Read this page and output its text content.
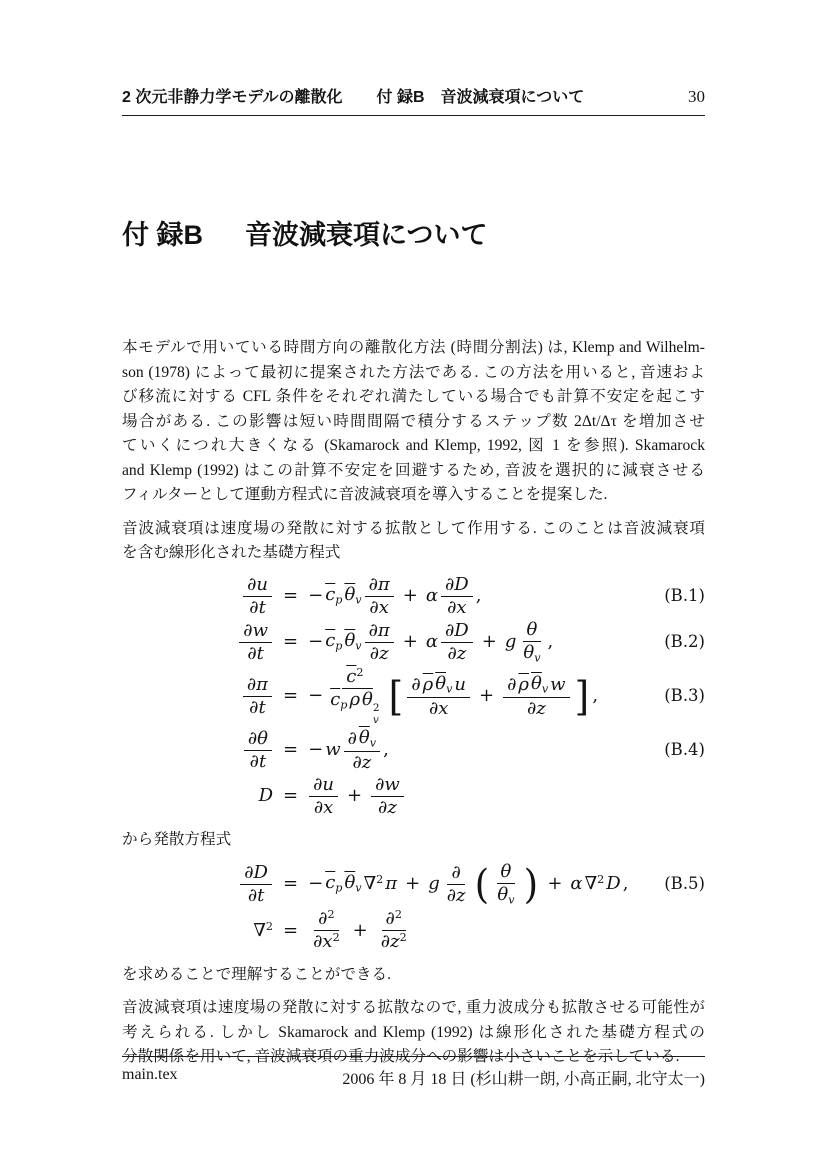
2 次元非静力学モデルの離散化 付 録B　音波減衰項について	30
付 録B 音波減衰項について

本モデルで用いている時間方向の離散化方法 (時間分割法) は, Klemp and Wilhelm-
son (1978) によって最初に提案された方法である. この方法を用いると, 音速およ
び移流に対する CFL 条件をそれぞれ満たしている場合でも計算不安定を起こす
場合がある. この影響は短い時間間隔で積分するステップ数 2Δt/Δτ を増加させ
ていくにつれ大きくなる (Skamarock and Klemp, 1992, 図 1 を参照). Skamarock
and Klemp (1992) はこの計算不安定を回避するため, 音波を選択的に減衰させる
フィルターとして運動方程式に音波減衰項を導入することを提案した.

音波減衰項は速度場の発散に対する拡散として作用する. このことは音波減衰項
を含む線形化された基礎方程式

$\frac{\partial u}{\partial t}$ = − $\overline{c}_p$ $\overline{\theta}_v \frac{\partial\pi}{\partial x} + \alpha \frac{\partial D}{\partial x}$ ,	(B.1)
$\frac{\partial w}{\partial t}$ = − $\overline{c}_p$ $\overline{\theta}_v \frac{\partial\pi}{\partial z} + \alpha \frac{\partial D}{\partial z} + g \frac{\theta}{\overline{\theta}_v}$ ,	(B.2)
$\frac{\partial\pi}{\partial t}$ = − $\overline{c}^2$
$\overline{c}_p$ $\overline{\rho}$ $\overline{\theta}$ 2
v [ $\frac{\partial \overline{\rho} \overline{\theta}_v u}{\partial x} + \frac{\partial \overline{\rho} \overline{\theta}_v w}{\partial z}$ ] ,	(B.3)
$\frac{\partial\theta}{\partial t}$ = − w $\frac{\partial \overline{\theta}_v}{\partial z}$ ,	(B.4)
$D = \frac{\partial u}{\partial x} + \frac{\partial w}{\partial z}$

から発散方程式

$\frac{\partial D}{\partial t}$ = − $\overline{c}_p$ $\overline{\theta}_v$ ∇$^2$ π + g $\frac{\partial}{\partial z}$ ( $\frac{\theta}{\overline{\theta}_v}$ ) + α ∇$^2$ D , (B.5)
$\nabla^2 = \frac{\partial^2}{\partial x^2} + \frac{\partial^2}{\partial z^2}$

を求めることで理解することができる.

音波減衰項は速度場の発散に対する拡散なので, 重力波成分も拡散させる可能性が
考えられる. しかし Skamarock and Klemp (1992) は線形化された基礎方程式の
分散関係を用いて, 音波減衰項の重力波成分への影響は小さいことを示している.

main.tex	2006 年 8 月 18 日 (杉山耕一朗, 小高正嗣, 北守太一)
